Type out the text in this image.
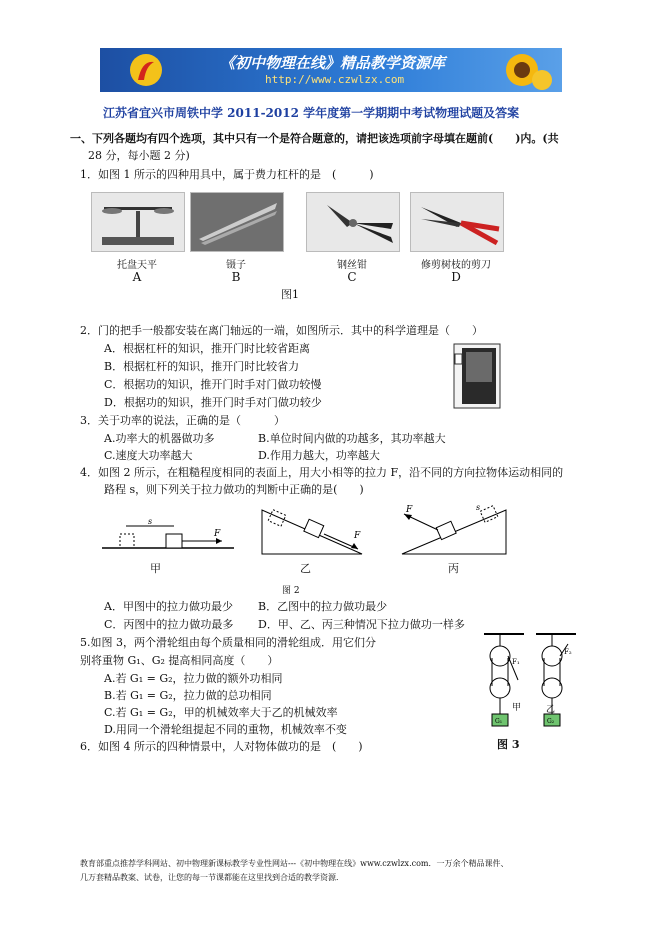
《初中物理在线》精品教学资源库
http://www.czwlzx.com
江苏省宜兴市周铁中学 2011-2012 学年度第一学期期中考试物理试题及答案
一、下列各题均有四个选项，其中只有一个是符合题意的，请把该选项前字母填在题前(　　)内。(共
28 分，每小题 2 分)
1．如图 1 所示的四种用具中，属于费力杠杆的是　(　　　)
托盘天平	镊子	钢丝钳	修剪树枝的剪刀
A	B	C	D
图1
2．门的把手一般都安装在离门轴远的一端，如图所示．其中的科学道理是（　　）
A．根据杠杆的知识，推开门时比较省距离
B．根据杠杆的知识，推开门时比较省力
C．根据功的知识，推开门时手对门做功较慢
D．根据功的知识，推开门时手对门做功较少
3．关于功率的说法，正确的是（　　　）
A.功率大的机器做功多	B.单位时间内做的功越多，其功率越大
C.速度大功率越大	D.作用力越大，功率越大
4．如图 2 所示，在粗糙程度相同的表面上，用大小相等的拉力 F，沿不同的方向拉物体运动相同的
路程 s，则下列关于拉力做功的判断中正确的是(　　)
s
F	F
F	s
甲	乙	丙
图 2
A．甲图中的拉力做功最少 B．乙图中的拉力做功最少
C．丙图中的拉力做功最多 D．甲、乙、丙三种情况下拉力做功一样多
5.如图 3，两个滑轮组由每个质量相同的滑轮组成．用它们分
别将重物 G₁、G₂ 提高相同高度（　　）
A.若 G₁ = G₂，拉力做的额外功相同
B.若 G₁ = G₂，拉力做的总功相同
C.若 G₁ = G₂，甲的机械效率大于乙的机械效率
D.用同一个滑轮组提起不同的重物，机械效率不变
F₁
G₁
甲
F₂
G₂
乙
图 3
6．如图 4 所示的四种情景中，人对物体做功的是　(　　)
教育部重点推荐学科网站、初中物理新课标教学专业性网站---《初中物理在线》www.czwlzx.com．一万余个精品课件、
几万套精品教案、试卷，让您的每一节课都能在这里找到合适的教学资源．
